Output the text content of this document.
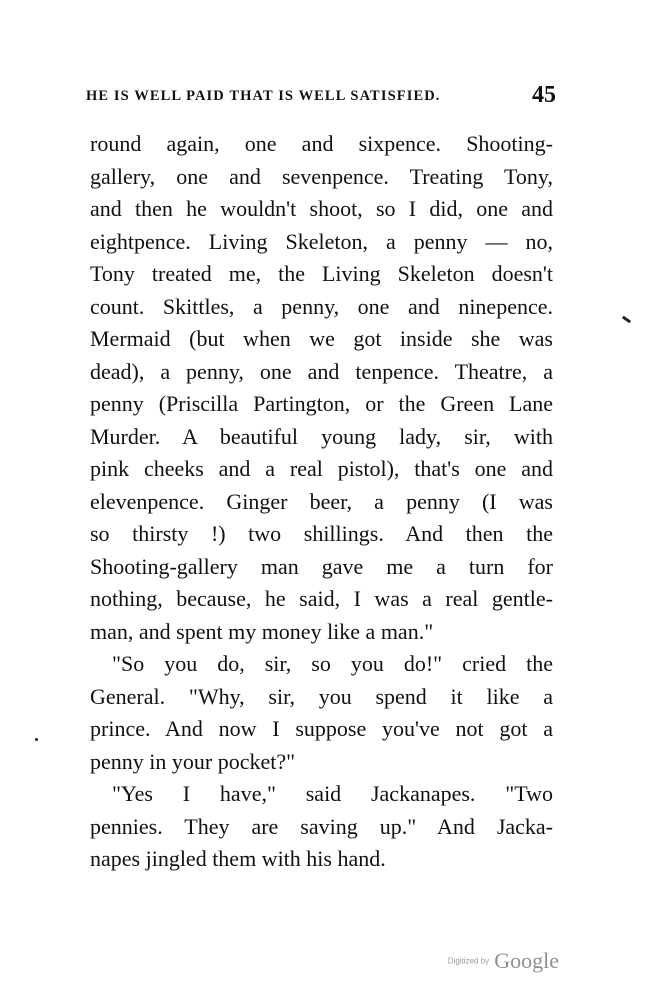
HE IS WELL PAID THAT IS WELL SATISFIED.	45
round again, one and sixpence. Shooting-
gallery, one and sevenpence. Treating Tony,
and then he wouldn't shoot, so I did, one and
eightpence. Living Skeleton, a penny — no,
Tony treated me, the Living Skeleton doesn't
count. Skittles, a penny, one and ninepence.
Mermaid (but when we got inside she was
dead), a penny, one and tenpence. Theatre, a
penny (Priscilla Partington, or the Green Lane
Murder. A beautiful young lady, sir, with
pink cheeks and a real pistol), that's one and
elevenpence. Ginger beer, a penny (I was
so thirsty !) two shillings. And then the
Shooting-gallery man gave me a turn for
nothing, because, he said, I was a real gentle-
man, and spent my money like a man."
"So you do, sir, so you do!" cried the
General. "Why, sir, you spend it like a
prince. And now I suppose you've not got a
penny in your pocket?"
"Yes I have," said Jackanapes. "Two
pennies. They are saving up." And Jacka-
napes jingled them with his hand.
Digitized by Google
